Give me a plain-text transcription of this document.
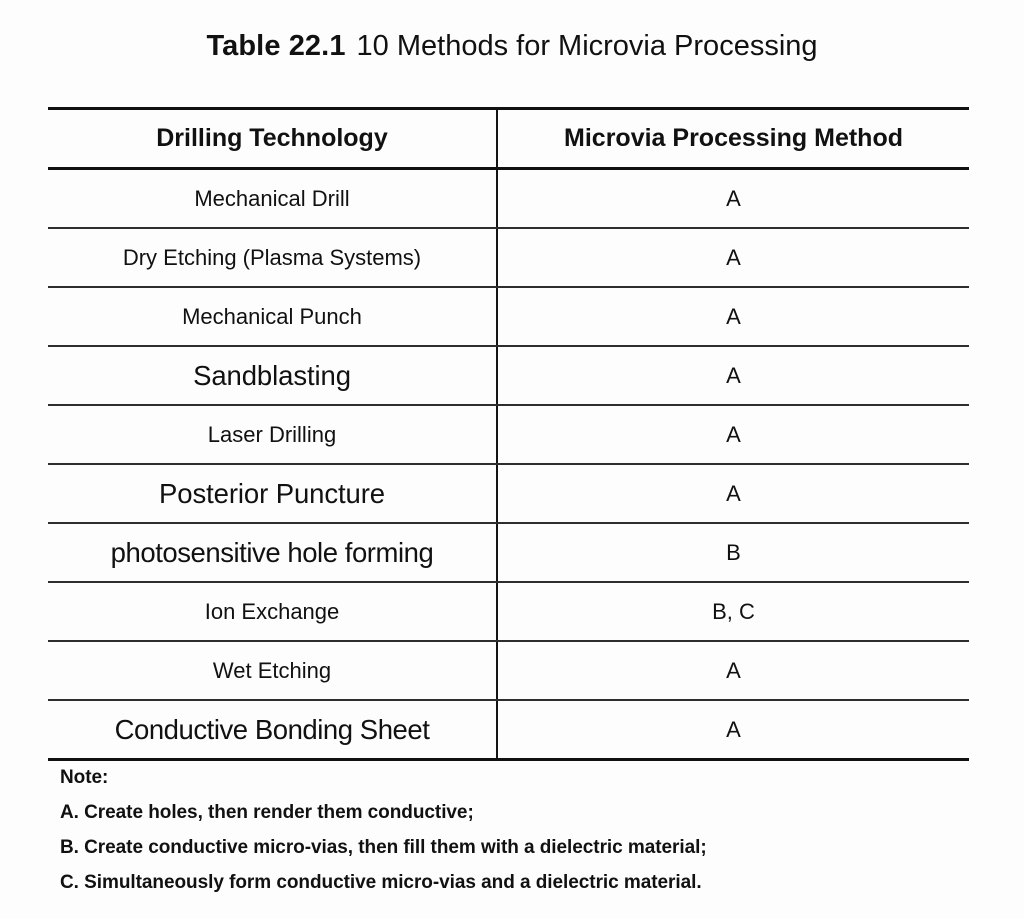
Table 22.1 10 Methods for Microvia Processing
Drilling Technology	Microvia Processing Method
Mechanical Drill	A
Dry Etching (Plasma Systems)	A
Mechanical Punch	A
Sandblasting	A
Laser Drilling	A
Posterior Puncture	A
photosensitive hole forming	B
Ion Exchange	B, C
Wet Etching	A
Conductive Bonding Sheet	A
Note:
A. Create holes, then render them conductive;
B. Create conductive micro-vias, then fill them with a dielectric material;
C. Simultaneously form conductive micro-vias and a dielectric material.
